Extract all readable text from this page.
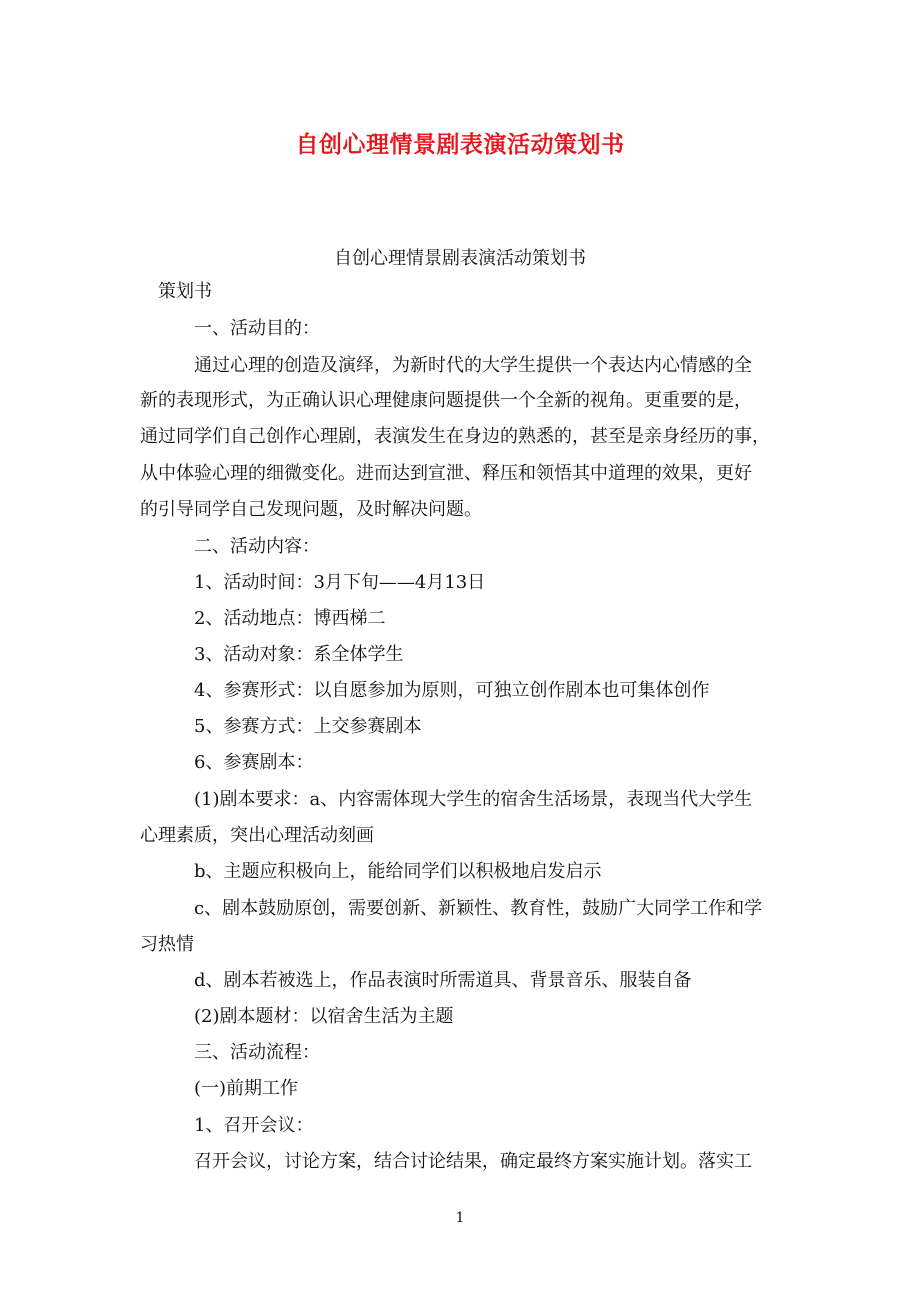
自创心理情景剧表演活动策划书
自创心理情景剧表演活动策划书

策划书

一、活动目的：

通过心理的创造及演绎，为新时代的大学生提供一个表达内心情感的全

新的表现形式，为正确认识心理健康问题提供一个全新的视角。更重要的是，

通过同学们自己创作心理剧，表演发生在身边的熟悉的，甚至是亲身经历的事，

从中体验心理的细微变化。进而达到宣泄、释压和领悟其中道理的效果，更好

的引导同学自己发现问题，及时解决问题。

二、活动内容：

1、活动时间：3月下旬——4月13日

2、活动地点：博西梯二

3、活动对象：系全体学生

4、参赛形式：以自愿参加为原则，可独立创作剧本也可集体创作

5、参赛方式：上交参赛剧本

6、参赛剧本：

(1)剧本要求：a、内容需体现大学生的宿舍生活场景，表现当代大学生

心理素质，突出心理活动刻画

b、主题应积极向上，能给同学们以积极地启发启示

c、剧本鼓励原创，需要创新、新颖性、教育性，鼓励广大同学工作和学

习热情

d、剧本若被选上，作品表演时所需道具、背景音乐、服装自备

(2)剧本题材：以宿舍生活为主题

三、活动流程：

(一)前期工作

1、召开会议：

召开会议，讨论方案，结合讨论结果，确定最终方案实施计划。落实工

1
